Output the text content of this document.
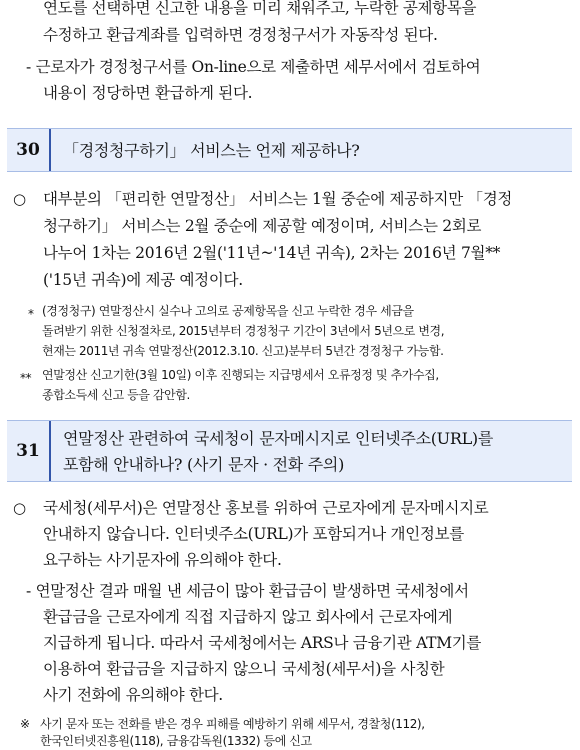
연도를 선택하면 신고한 내용을 미리 채워주고, 누락한 공제항목을
수정하고 환급계좌를 입력하면 경정청구서가 자동작성 된다.
- 근로자가 경정청구서를 On-line으로 제출하면 세무서에서 검토하여
내용이 정당하면 환급하게 된다.
30	「경정청구하기」 서비스는 언제 제공하나?
○ 대부분의 「편리한 연말정산」 서비스는 1월 중순에 제공하지만 「경정
청구하기」 서비스는 2월 중순에 제공할 예정이며, 서비스는 2회로
나누어 1차는 2016년 2월('11년~'14년 귀속), 2차는 2016년 7월**
('15년 귀속)에 제공 예정이다.
* (경정청구) 연말정산시 실수나 고의로 공제항목을 신고 누락한 경우 세금을
돌려받기 위한 신청절차로, 2015년부터 경정청구 기간이 3년에서 5년으로 변경,
현재는 2011년 귀속 연말정산(2012.3.10. 신고)분부터 5년간 경정청구 가능함.
** 연말정산 신고기한(3월 10일) 이후 진행되는 지급명세서 오류정정 및 추가수집,
종합소득세 신고 등을 감안함.
31
연말정산 관련하여 국세청이 문자메시지로 인터넷주소(URL)를
포함해 안내하나? (사기 문자 · 전화 주의)
○ 국세청(세무서)은 연말정산 홍보를 위하여 근로자에게 문자메시지로
안내하지 않습니다. 인터넷주소(URL)가 포함되거나 개인정보를
요구하는 사기문자에 유의해야 한다.
- 연말정산 결과 매월 낸 세금이 많아 환급금이 발생하면 국세청에서
환급금을 근로자에게 직접 지급하지 않고 회사에서 근로자에게
지급하게 됩니다. 따라서 국세청에서는 ARS나 금융기관 ATM기를
이용하여 환급금을 지급하지 않으니 국세청(세무서)을 사칭한
사기 전화에 유의해야 한다.
※ 사기 문자 또는 전화를 받은 경우 피해를 예방하기 위해 세무서, 경찰청(112),
한국인터넷진흥원(118), 금융감독원(1332) 등에 신고
